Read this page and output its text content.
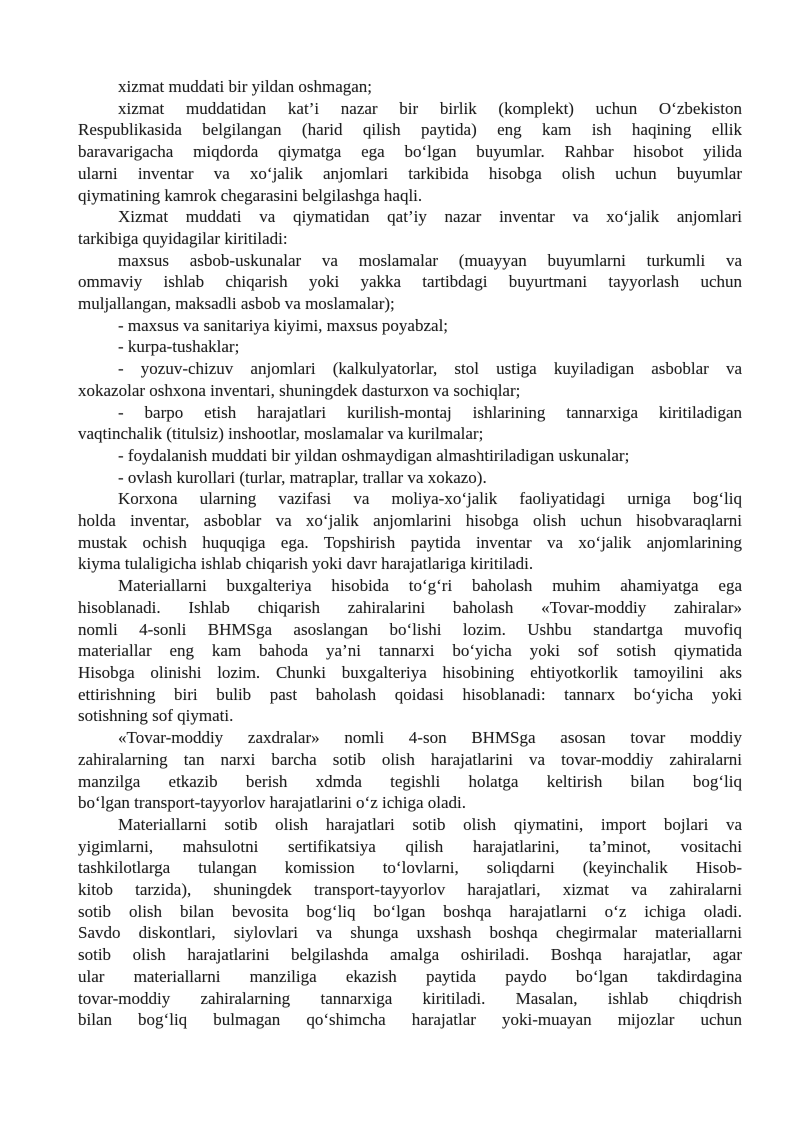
xizmat muddati bir yildan oshmagan;
xizmat muddatidan kat’i nazar bir birlik (komplekt) uchun O‘zbekiston
Respublikasida belgilangan (harid qilish paytida) eng kam ish haqining ellik
baravarigacha miqdorda qiymatga ega bo‘lgan buyumlar. Rahbar hisobot yilida
ularni inventar va xo‘jalik anjomlari tarkibida hisobga olish uchun buyumlar
qiymatining kamrok chegarasini belgilashga haqli.
Xizmat muddati va qiymatidan qat’iy nazar inventar va xo‘jalik anjomlari
tarkibiga quyidagilar kiritiladi:
maxsus asbob-uskunalar va moslamalar (muayyan buyumlarni turkumli va
ommaviy ishlab chiqarish yoki yakka tartibdagi buyurtmani tayyorlash uchun
muljallangan, maksadli asbob va moslamalar);
- maxsus va sanitariya kiyimi, maxsus poyabzal;
- kurpa-tushaklar;
- yozuv-chizuv anjomlari (kalkulyatorlar, stol ustiga kuyiladigan asboblar va
xokazolar oshxona inventari, shuningdek dasturxon va sochiqlar;
- barpo etish harajatlari kurilish-montaj ishlarining tannarxiga kiritiladigan
vaqtinchalik (titulsiz) inshootlar, moslamalar va kurilmalar;
- foydalanish muddati bir yildan oshmaydigan almashtiriladigan uskunalar;
- ovlash kurollari (turlar, matraplar, trallar va xokazo).
Korxona ularning vazifasi va moliya-xo‘jalik faoliyatidagi urniga bog‘liq
holda inventar, asboblar va xo‘jalik anjomlarini hisobga olish uchun hisobvaraqlarni
mustak ochish huquqiga ega. Topshirish paytida inventar va xo‘jalik anjomlarining
kiyma tulaligicha ishlab chiqarish yoki davr harajatlariga kiritiladi.
Materiallarni buxgalteriya hisobida to‘g‘ri baholash muhim ahamiyatga ega
hisoblanadi. Ishlab chiqarish zahiralarini baholash «Tovar-moddiy zahiralar»
nomli 4-sonli BHMSga asoslangan bo‘lishi lozim. Ushbu standartga muvofiq
materiallar eng kam bahoda ya’ni tannarxi bo‘yicha yoki sof sotish qiymatida
Hisobga olinishi lozim. Chunki buxgalteriya hisobining ehtiyotkorlik tamoyilini aks
ettirishning biri bulib past baholash qoidasi hisoblanadi: tannarx bo‘yicha yoki
sotishning sof qiymati.
«Tovar-moddiy zaxdralar» nomli 4-son BHMSga asosan tovar moddiy
zahiralarning tan narxi barcha sotib olish harajatlarini va tovar-moddiy zahiralarni
manzilga etkazib berish xdmda tegishli holatga keltirish bilan bog‘liq
bo‘lgan transport-tayyorlov harajatlarini o‘z ichiga oladi.
Materiallarni sotib olish harajatlari sotib olish qiymatini, import bojlari va
yigimlarni, mahsulotni sertifikatsiya qilish harajatlarini, ta’minot, vositachi
tashkilotlarga tulangan komission to‘lovlarni, soliqdarni (keyinchalik Hisob-
kitob tarzida), shuningdek transport-tayyorlov harajatlari, xizmat va zahiralarni
sotib olish bilan bevosita bog‘liq bo‘lgan boshqa harajatlarni o‘z ichiga oladi.
Savdo diskontlari, siylovlari va shunga uxshash boshqa chegirmalar materiallarni
sotib olish harajatlarini belgilashda amalga oshiriladi. Boshqa harajatlar, agar
ular materiallarni manziliga ekazish paytida paydo bo‘lgan takdirdagina
tovar-moddiy zahiralarning tannarxiga kiritiladi. Masalan, ishlab chiqdrish
bilan bog‘liq bulmagan qo‘shimcha harajatlar yoki-muayan mijozlar uchun
